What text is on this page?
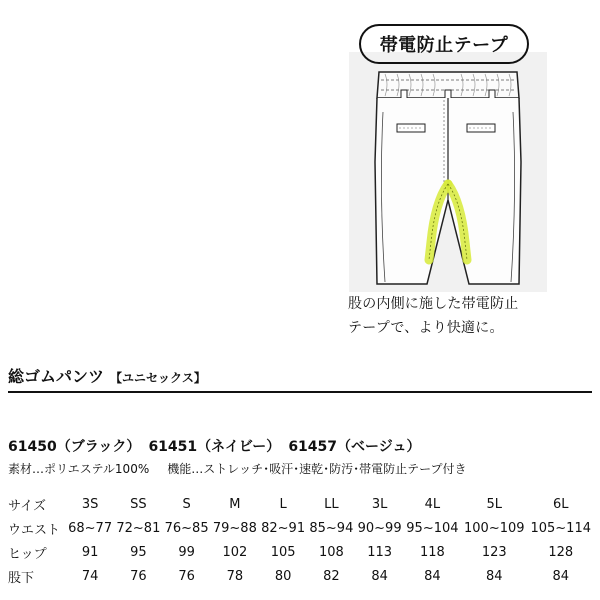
帯電防止テープ
股の内側に施した帯電防止
テープで、より快適に。
総ゴムパンツ 【ユニセックス】
61450（ブラック） 61451（ネイビー） 61457（ベージュ）
素材…ポリエステル100% 機能…ストレッチ･吸汗･速乾･防汚･帯電防止テープ付き
サイズ	3S	SS	S	M	L	LL	3L	4L	5L	6L
ウエスト	68~77	72~81	76~85	79~88	82~91	85~94	90~99	95~104	100~109	105~114
ヒップ	91	95	99	102	105	108	113	118	123	128
股下	74	76	76	78	80	82	84	84	84	84
